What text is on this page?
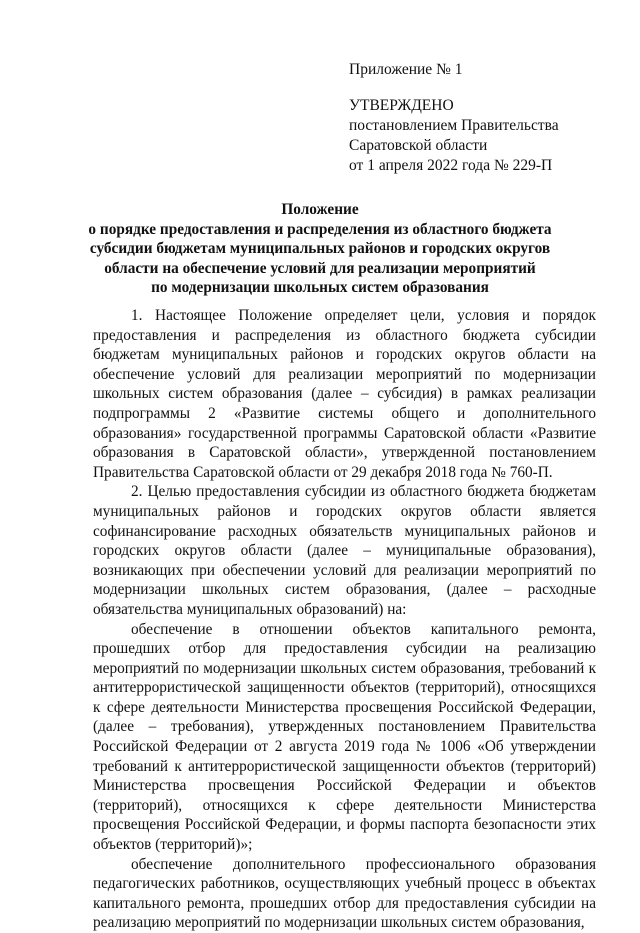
Приложение № 1
УТВЕРЖДЕНО
постановлением Правительства
Саратовской области
от 1 апреля 2022 года № 229-П
Положение
о порядке предоставления и распределения из областного бюджета
субсидии бюджетам муниципальных районов и городских округов
области на обеспечение условий для реализации мероприятий
по модернизации школьных систем образования

1. Настоящее Положение определяет цели, условия и порядок предоставления и распределения из областного бюджета субсидии бюджетам муниципальных районов и городских округов области на обеспечение условий для реализации мероприятий по модернизации школьных систем образования (далее – субсидия) в рамках реализации подпрограммы 2 «Развитие системы общего и дополнительного образования» государственной программы Саратовской области «Развитие образования в Саратовской области», утвержденной постановлением Правительства Саратовской области от 29 декабря 2018 года № 760-П.

2. Целью предоставления субсидии из областного бюджета бюджетам муниципальных районов и городских округов области является софинансирование расходных обязательств муниципальных районов и городских округов области (далее – муниципальные образования), возникающих при обеспечении условий для реализации мероприятий по модернизации школьных систем образования, (далее – расходные обязательства муниципальных образований) на:

обеспечение в отношении объектов капитального ремонта, прошедших отбор для предоставления субсидии на реализацию мероприятий по модернизации школьных систем образования, требований к антитеррористической защищенности объектов (территорий), относящихся к сфере деятельности Министерства просвещения Российской Федерации, (далее – требования), утвержденных постановлением Правительства Российской Федерации от 2 августа 2019 года № 1006 «Об утверждении требований к антитеррористической защищенности объектов (территорий) Министерства просвещения Российской Федерации и объектов (территорий), относящихся к сфере деятельности Министерства просвещения Российской Федерации, и формы паспорта безопасности этих объектов (территорий)»;

обеспечение дополнительного профессионального образования педагогических работников, осуществляющих учебный процесс в объектах капитального ремонта, прошедших отбор для предоставления субсидии на реализацию мероприятий по модернизации школьных систем образования,
